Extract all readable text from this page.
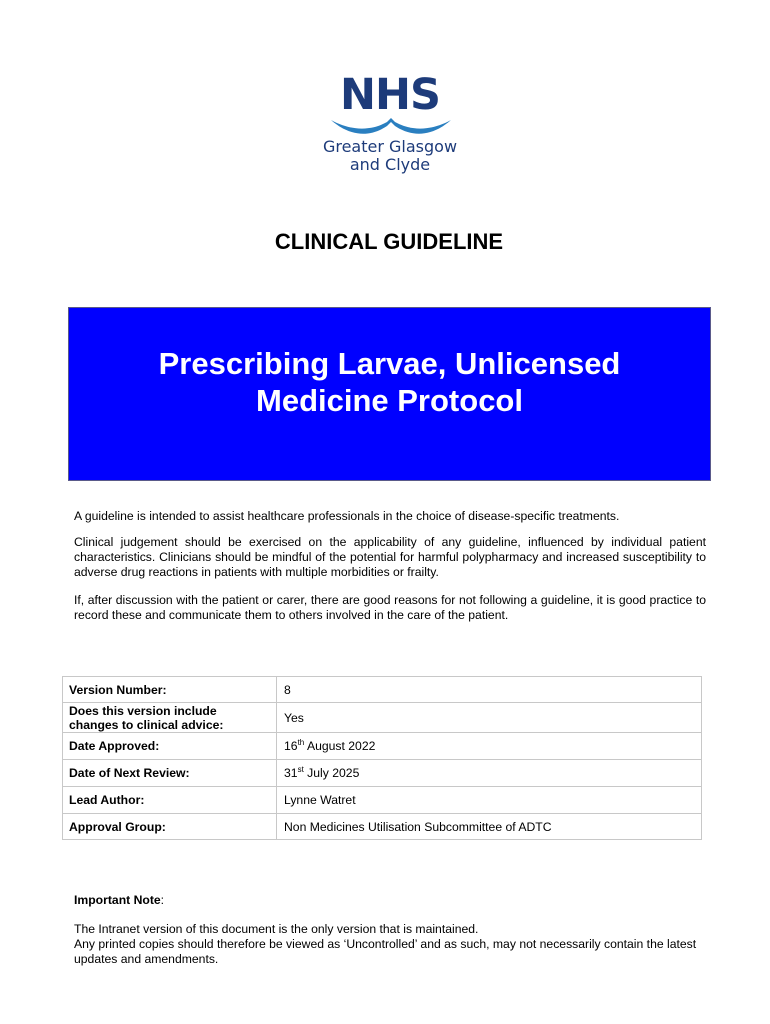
NHS
Greater Glasgow
and Clyde
CLINICAL GUIDELINE
Prescribing Larvae, Unlicensed
Medicine Protocol

A guideline is intended to assist healthcare professionals in the choice of disease-specific treatments.

Clinical judgement should be exercised on the applicability of any guideline, influenced by individual patient characteristics. Clinicians should be mindful of the potential for harmful polypharmacy and increased susceptibility to adverse drug reactions in patients with multiple morbidities or frailty.

If, after discussion with the patient or carer, there are good reasons for not following a guideline, it is good practice to record these and communicate them to others involved in the care of the patient.

Version Number:	8
Does this version include
changes to clinical advice:	Yes
Date Approved:	16th August 2022
Date of Next Review:	31st July 2025
Lead Author:	Lynne Watret
Approval Group:	Non Medicines Utilisation Subcommittee of ADTC
Important Note:

The Intranet version of this document is the only version that is maintained.
Any printed copies should therefore be viewed as ‘Uncontrolled’ and as such, may not necessarily contain the latest updates and amendments.
